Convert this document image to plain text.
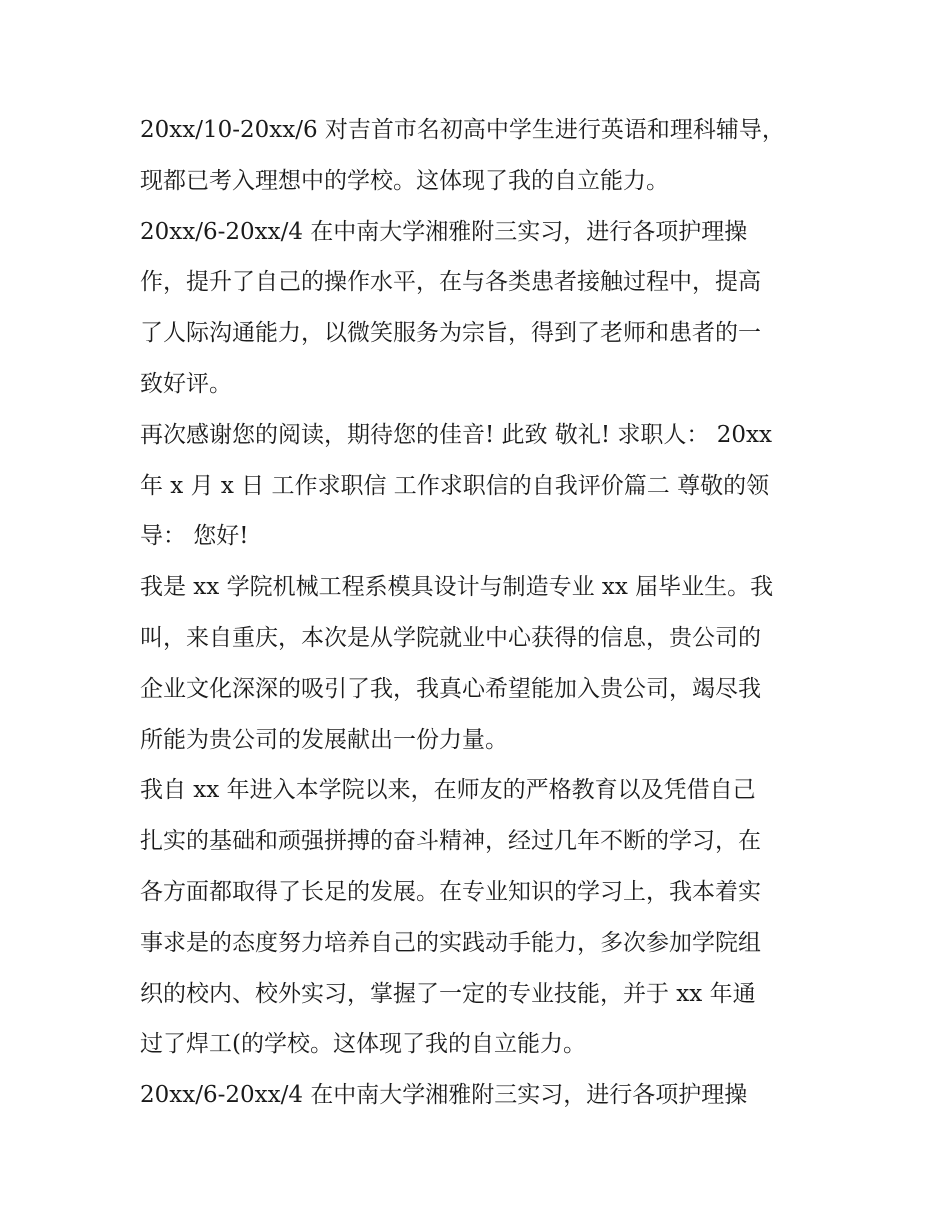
20xx/10-20xx/6 对吉首市名初高中学生进行英语和理科辅导，
现都已考入理想中的学校。这体现了我的自立能力。
20xx/6-20xx/4 在中南大学湘雅附三实习，进行各项护理操
作，提升了自己的操作水平，在与各类患者接触过程中，提高
了人际沟通能力，以微笑服务为宗旨，得到了老师和患者的一
致好评。
再次感谢您的阅读，期待您的佳音! 此致 敬礼! 求职人： 20xx
年 x 月 x 日 工作求职信 工作求职信的自我评价篇二 尊敬的领
导： 您好!
我是 xx 学院机械工程系模具设计与制造专业 xx 届毕业生。我
叫，来自重庆，本次是从学院就业中心获得的信息，贵公司的
企业文化深深的吸引了我，我真心希望能加入贵公司，竭尽我
所能为贵公司的发展献出一份力量。
我自 xx 年进入本学院以来，在师友的严格教育以及凭借自己
扎实的基础和顽强拼搏的奋斗精神，经过几年不断的学习，在
各方面都取得了长足的发展。在专业知识的学习上，我本着实
事求是的态度努力培养自己的实践动手能力，多次参加学院组
织的校内、校外实习，掌握了一定的专业技能，并于 xx 年通
过了焊工(的学校。这体现了我的自立能力。
20xx/6-20xx/4 在中南大学湘雅附三实习，进行各项护理操
